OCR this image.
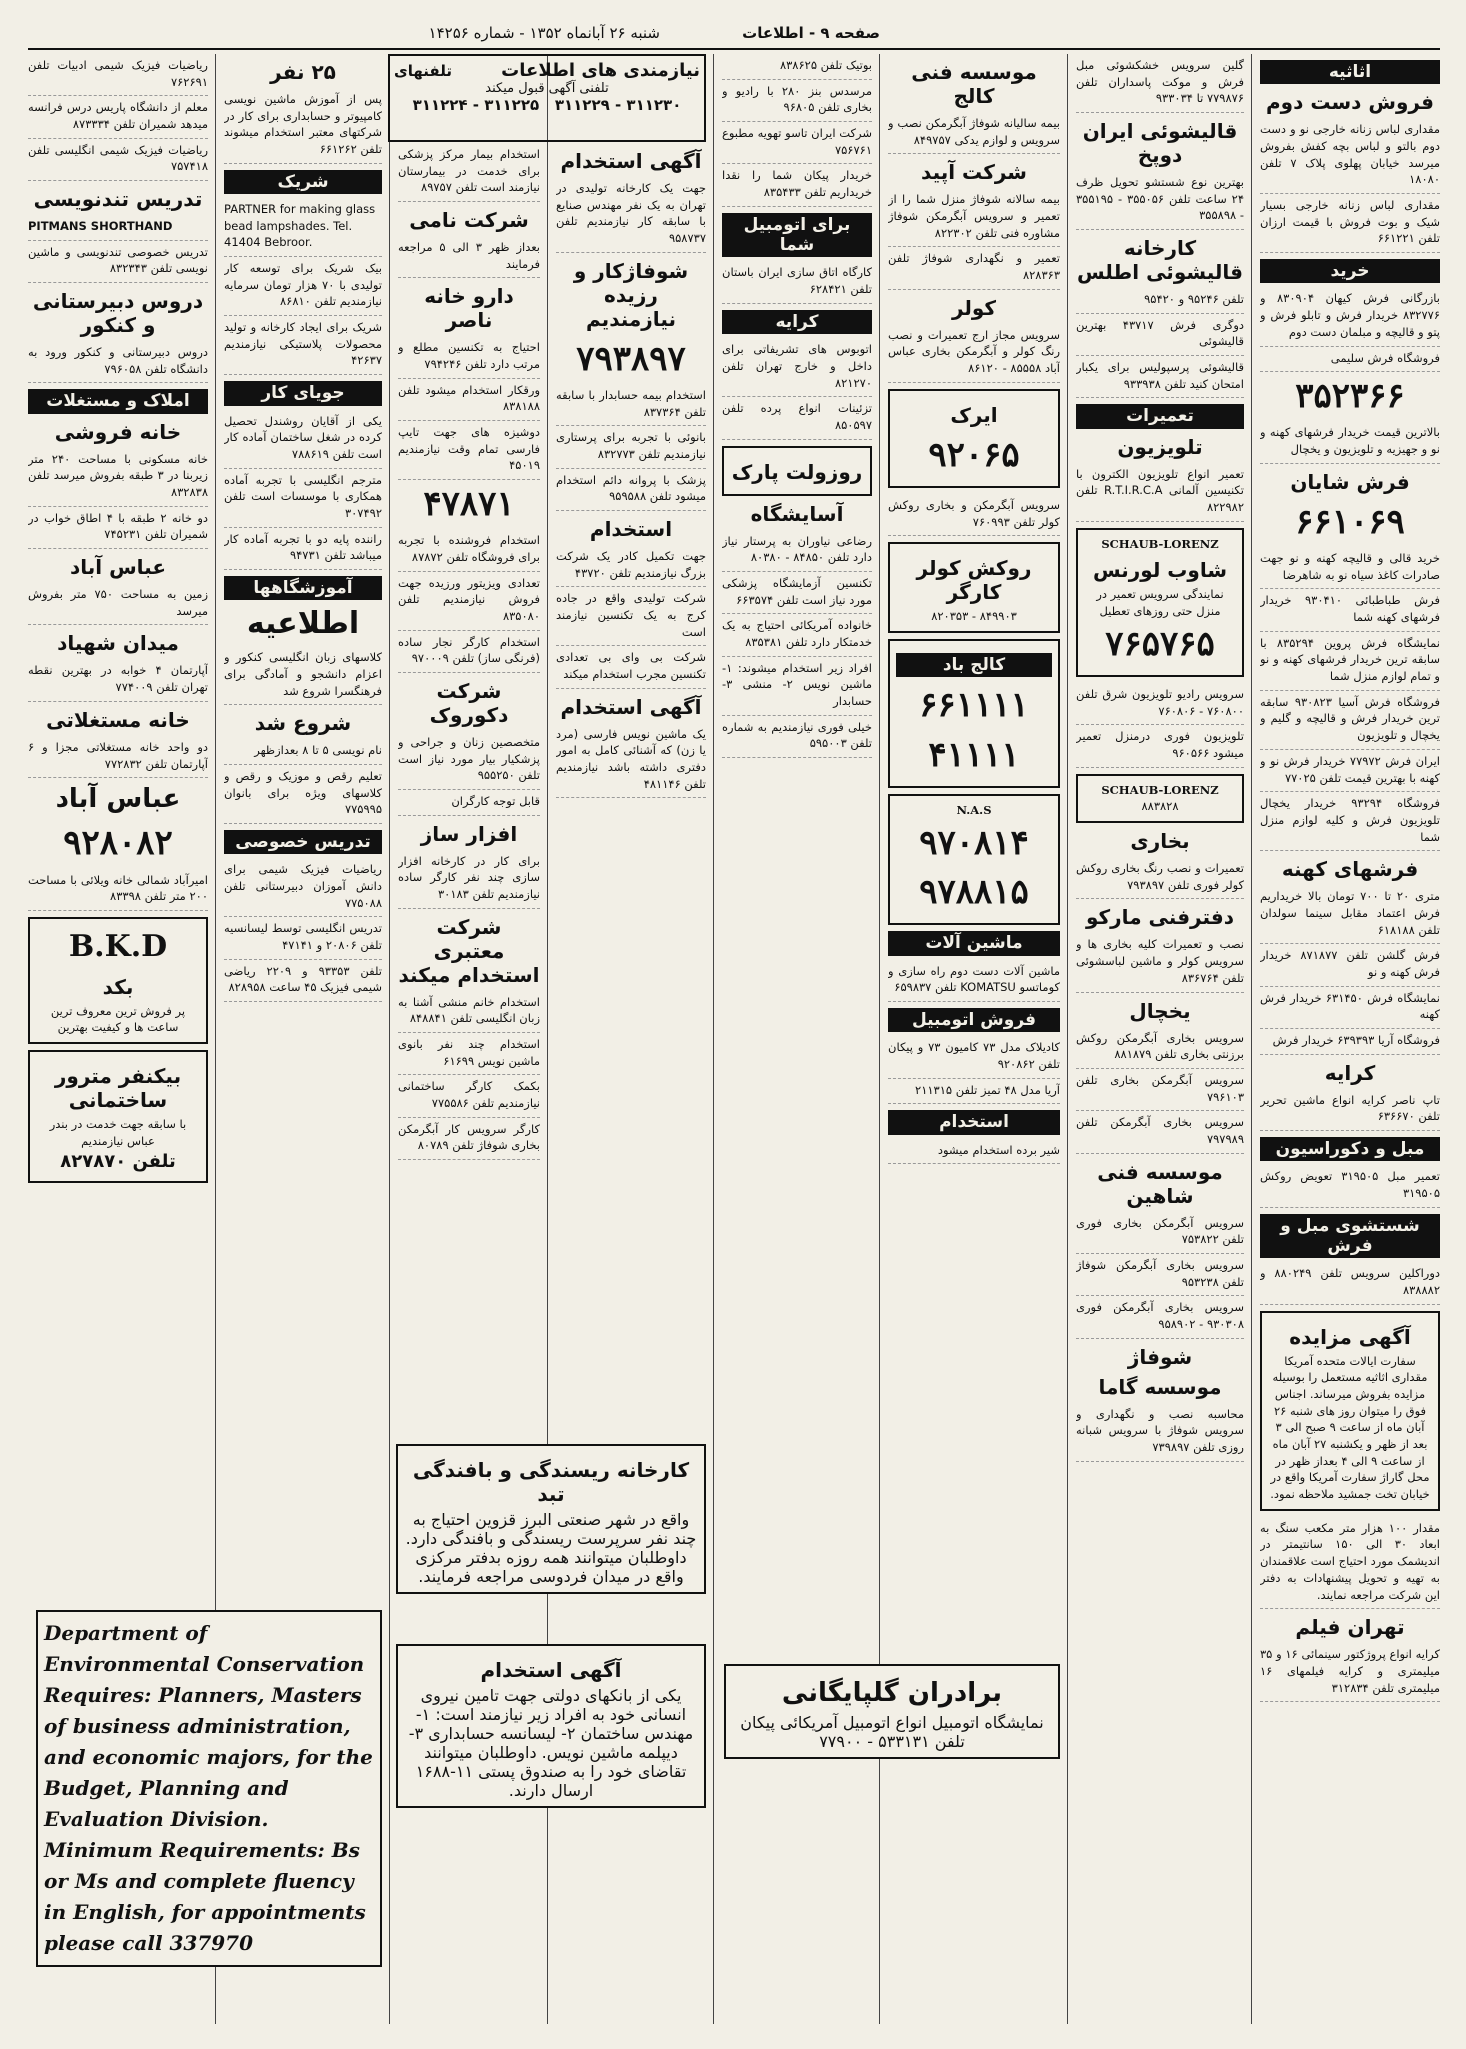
صفحه ۹ - اطلاعات
شنبه ۲۶ آبانماه ۱۳۵۲ - شماره ۱۴۲۵۶
اثاثیه
فروش دست دوم
مقداری لباس زنانه خارجی نو و دست دوم بالتو و لباس بچه کفش بفروش میرسد خیابان پهلوی پلاک ۷ تلفن ۱۸۰۸۰
مقداری لباس زنانه خارجی بسیار شیک و بوت فروش با قیمت ارزان تلفن ۶۶۱۲۲۱
خرید
بازرگانی فرش کیهان ۸۳۰۹۰۴ و ۸۳۲۷۷۶ خریدار فرش و تابلو فرش و پتو و قالیچه و مبلمان دست دوم
فروشگاه فرش سلیمی
۳۵۲۳۶۶
بالاترین قیمت خریدار فرشهای کهنه و نو و جهیزیه و تلویزیون و یخچال
فرش شایان
۶۶۱۰۶۹
خرید قالی و قالیچه کهنه و نو جهت صادرات کاغذ سیاه نو به شاهرضا
فرش طباطبائی ۹۳۰۴۱۰ خریدار فرشهای کهنه شما
نمایشگاه فرش پروین ۸۳۵۲۹۴ با سابقه ترین خریدار فرشهای کهنه و نو و تمام لوازم منزل شما
فروشگاه فرش آسیا ۹۳۰۸۲۳ سابقه ترین خریدار فرش و قالیچه و گلیم و یخچال و تلویزیون
ایران فرش ۷۷۹۷۲ خریدار فرش نو و کهنه با بهترین قیمت تلفن ۷۷۰۲۵
فروشگاه ۹۳۲۹۴ خریدار یخچال تلویزیون فرش و کلیه لوازم منزل شما
فرشهای کهنه
متری ۲۰ تا ۷۰۰ تومان بالا خریداریم فرش اعتماد مقابل سینما سولدان تلفن ۶۱۸۱۸۸
فرش گلشن تلفن ۸۷۱۸۷۷ خریدار فرش کهنه و نو
نمایشگاه فرش ۶۳۱۴۵۰ خریدار فرش کهنه
فروشگاه آریا ۶۳۹۳۹۳ خریدار فرش
کرایه
تاپ ناصر کرایه انواع ماشین تحریر تلفن ۶۳۶۶۷۰
مبل و دکوراسیون
تعمیر مبل ۳۱۹۵۰۵ تعویض روکش ۳۱۹۵۰۵
شستشوی مبل و فرش
دوراکلین سرویس تلفن ۸۸۰۲۴۹ و ۸۳۸۸۸۲
آگهی مزایده
سفارت ایالات متحده آمریکا مقداری اثاثیه مستعمل را بوسیله مزایده بفروش میرساند. اجناس فوق را میتوان روز های شنبه ۲۶ آبان ماه از ساعت ۹ صبح الی ۳ بعد از ظهر و یکشنبه ۲۷ آبان ماه از ساعت ۹ الی ۴ بعداز ظهر در محل گاراژ سفارت آمریکا واقع در خیابان تخت جمشید ملاحظه نمود.
مقدار ۱۰۰ هزار متر مکعب سنگ به ابعاد ۳۰ الی ۱۵۰ سانتیمتر در اندیشمک مورد احتیاج است علاقمندان به تهیه و تحویل پیشنهادات به دفتر این شرکت مراجعه نمایند.
تهران فیلم
کرایه انواع پروژکتور سینمائی ۱۶ و ۳۵ میلیمتری و کرایه فیلمهای ۱۶ میلیمتری تلفن ۳۱۲۸۳۴
گلین سرویس خشکشوئی مبل فرش و موکت پاسداران تلفن ۷۷۹۸۷۶ تا ۹۳۳۰۳۴
قالیشوئی ایران دوپخ
بهترین نوع شستشو تحویل ظرف ۲۴ ساعت تلفن ۳۵۵۰۵۶ - ۳۵۵۱۹۵ - ۳۵۵۸۹۸
کارخانه قالیشوئی اطلس
تلفن ۹۵۲۴۶ و ۹۵۴۲۰
دوگری فرش ۴۳۷۱۷ بهترین قالیشوئی
قالیشوئی پرسپولیس برای یکبار امتحان کنید تلفن ۹۳۳۹۳۸
تعمیرات
تلویزیون
تعمیر انواع تلویزیون الکترون با تکنیسین آلمانی R.T.I.R.C.A تلفن ۸۲۲۹۸۲
SCHAUB-LORENZ
شاوب لورنس
نمایندگی سرویس تعمیر در منزل حتی روزهای تعطیل
۷۶۵۷۶۵
سرویس رادیو تلویزیون شرق تلفن ۷۶۰۸۰۰ - ۷۶۰۸۰۶
تلویزیون فوری درمنزل تعمیر میشود ۹۶۰۵۶۶
SCHAUB-LORENZ
۸۸۳۸۲۸
بخاری
تعمیرات و نصب رنگ بخاری روکش کولر فوری تلفن ۷۹۳۸۹۷
دفترفنی مارکو
نصب و تعمیرات کلیه بخاری ها و سرویس کولر و ماشین لباسشوئی تلفن ۸۳۶۷۶۴
یخچال
سرویس بخاری آبگرمکن روکش برزنتی بخاری تلفن ۸۸۱۸۷۹
سرویس آبگرمکن بخاری تلفن ۷۹۶۱۰۳
سرویس بخاری آبگرمکن تلفن ۷۹۷۹۸۹
موسسه فنی شاهین
سرویس آبگرمکن بخاری فوری تلفن ۷۵۳۸۲۲
سرویس بخاری آبگرمکن شوفاژ تلفن ۹۵۳۲۳۸
سرویس بخاری آبگرمکن فوری ۹۳۰۳۰۸ - ۹۵۸۹۰۲
شوفاژ
موسسه گاما
محاسبه نصب و نگهداری و سرویس شوفاژ با سرویس شبانه روزی تلفن ۷۳۹۸۹۷
موسسه فنی کالج
بیمه سالیانه شوفاژ آبگرمکن نصب و سرویس و لوازم یدکی ۸۴۹۷۵۷
شرکت آپید
بیمه سالانه شوفاژ منزل شما را از تعمیر و سرویس آبگرمکن شوفاژ مشاوره فنی تلفن ۸۲۲۳۰۲
تعمیر و نگهداری شوفاژ تلفن ۸۲۸۳۶۳
کولر
سرویس مجاز ارج تعمیرات و نصب رنگ کولر و آبگرمکن بخاری عباس آباد ۸۵۵۵۸ - ۸۶۱۲۰
ایرک
۹۲۰۶۵
سرویس آبگرمکن و بخاری روکش کولر تلفن ۷۶۰۹۹۳
روکش کولر کارگر
۸۴۹۹۰۳ - ۸۲۰۳۵۳
کالج باد
۶۶۱۱۱۱
۴۱۱۱۱
N.A.S
۹۷۰۸۱۴
۹۷۸۸۱۵
ماشین آلات
ماشین آلات دست دوم راه سازی و کوماتسو KOMATSU تلفن ۶۵۹۸۳۷
فروش اتومبیل
کادیلاک مدل ۷۳ کامیون ۷۳ و پیکان تلفن ۹۲۰۸۶۲
آریا مدل ۴۸ تمیز تلفن ۲۱۱۳۱۵
استخدام
شیر برده استخدام میشود
بوتیک تلفن ۸۳۸۶۲۵
مرسدس بنز ۲۸۰ با رادیو و بخاری تلفن ۹۶۸۰۵
شرکت ایران تاسو تهویه مطبوع ۷۵۶۷۶۱
خریدار پیکان شما را نقدا خریداریم تلفن ۸۳۵۴۳۳
برای اتومبیل شما
کارگاه اتاق سازی ایران باستان تلفن ۶۲۸۴۲۱
کرایه
اتوبوس های تشریفاتی برای داخل و خارج تهران تلفن ۸۲۱۲۷۰
تزئینات انواع پرده تلفن ۸۵۰۵۹۷
روزولت پارک
آسایشگاه
رضاعی نیاوران به پرستار نیاز دارد تلفن ۸۴۸۵۰ - ۸۰۳۸۰
تکنسین آزمایشگاه پزشکی مورد نیاز است تلفن ۶۶۳۵۷۴
خانواده آمریکائی احتیاج به یک خدمتکار دارد تلفن ۸۳۵۳۸۱
افراد زیر استخدام میشوند: ۱- ماشین نویس ۲- منشی ۳- حسابدار
خیلی فوری نیازمندیم به شماره تلفن ۵۹۵۰۰۳
آگهی استخدام
جهت یک کارخانه تولیدی در تهران به یک نفر مهندس صنایع با سابقه کار نیازمندیم تلفن ۹۵۸۷۳۷
شوفاژکار و رزیده نیازمندیم
۷۹۳۸۹۷
استخدام بیمه حسابدار با سابقه تلفن ۸۳۷۳۶۴
بانوئی با تجربه برای پرستاری نیازمندیم تلفن ۸۳۲۷۷۳
پزشک با پروانه دائم استخدام میشود تلفن ۹۵۹۵۸۸
استخدام
جهت تکمیل کادر یک شرکت بزرگ نیازمندیم تلفن ۴۳۷۲۰
شرکت تولیدی واقع در جاده کرج به یک تکنسین نیازمند است
شرکت بی وای بی تعدادی تکنسین مجرب استخدام میکند
آگهی استخدام
یک ماشین نویس فارسی (مرد یا زن) که آشنائی کامل به امور دفتری داشته باشد نیازمندیم تلفن ۴۸۱۱۴۶
استخدام بیمار مرکز پزشکی برای خدمت در بیمارستان نیازمند است تلفن ۸۹۷۵۷
شرکت نامی
بعداز ظهر ۳ الی ۵ مراجعه فرمایند
دارو خانه ناصر
احتیاج به تکنسین مطلع و مرتب دارد تلفن ۷۹۴۲۴۶
ورقکار استخدام میشود تلفن ۸۳۸۱۸۸
دوشیزه های جهت تایپ فارسی تمام وقت نیازمندیم ۴۵۰۱۹
۴۷۸۷۱
استخدام فروشنده با تجربه برای فروشگاه تلفن ۸۷۸۷۲
تعدادی ویزیتور ورزیده جهت فروش نیازمندیم تلفن ۸۳۵۰۸۰
استخدام کارگر نجار ساده (فرنگی ساز) تلفن ۹۷۰۰۰۹
شرکت دکوروک
متخصصین زنان و جراحی و پزشکیار بیار مورد نیاز است تلفن ۹۵۵۲۵۰
قابل توجه کارگران
افزار ساز
برای کار در کارخانه افزار سازی چند نفر کارگر ساده نیازمندیم تلفن ۳۰۱۸۳
شرکت معتبری استخدام میکند
استخدام خانم منشی آشنا به زبان انگلیسی تلفن ۸۴۸۸۴۱
استخدام چند نفر بانوی ماشین نویس ۶۱۶۹۹
بکمک کارگر ساختمانی نیازمندیم تلفن ۷۷۵۵۸۶
کارگر سرویس کار آبگرمکن بخاری شوفاژ تلفن ۸۰۷۸۹
نیازمندی های اطلاعات
تلفنهای
تلفنی آگهی قبول میکند
۳۱۱۲۲۴ - ۳۱۱۲۲۵ ۳۱۱۲۲۹ - ۳۱۱۲۳۰
کارخانه ریسندگی و بافندگی تبد
واقع در شهر صنعتی البرز قزوین احتیاج به چند نفر سرپرست ریسندگی و بافندگی دارد. داوطلبان میتوانند همه روزه بدفتر مرکزی واقع در میدان فردوسی مراجعه فرمایند.
آگهی استخدام
یکی از بانکهای دولتی جهت تامین نیروی انسانی خود به افراد زیر نیازمند است: ۱- مهندس ساختمان ۲- لیسانسه حسابداری ۳- دیپلمه ماشین نویس. داوطلبان میتوانند تقاضای خود را به صندوق پستی ۱۱-۱۶۸۸ ارسال دارند.
۲۵ نفر
پس از آموزش ماشین نویسی کامپیوتر و حسابداری برای کار در شرکتهای معتبر استخدام میشوند تلفن ۶۶۱۲۶۲
شریک
PARTNER for making glass bead lampshades. Tel. 41404 Bebroor.
بیک شریک برای توسعه کار تولیدی با ۷۰ هزار تومان سرمایه نیازمندیم تلفن ۸۶۸۱۰
شریک برای ایجاد کارخانه و تولید محصولات پلاستیکی نیازمندیم ۴۲۶۳۷
جویای کار
یکی از آقایان روشندل تحصیل کرده در شغل ساختمان آماده کار است تلفن ۷۸۸۶۱۹
مترجم انگلیسی با تجربه آماده همکاری با موسسات است تلفن ۳۰۷۴۹۲
راننده پایه دو با تجربه آماده کار میباشد تلفن ۹۴۷۳۱
آموزشگاهها
اطلاعیه
کلاسهای زبان انگلیسی کنکور و اعزام دانشجو و آمادگی برای فرهنگسرا شروع شد
شروع شد
نام نویسی ۵ تا ۸ بعدازظهر
تعلیم رقص و موزیک و رقص و کلاسهای ویژه برای بانوان ۷۷۵۹۹۵
تدریس خصوصی
ریاضیات فیزیک شیمی برای دانش آموزان دبیرستانی تلفن ۷۷۵۰۸۸
تدریس انگلیسی توسط لیسانسیه تلفن ۲۰۸۰۶ و ۴۷۱۴۱
تلفن ۹۳۳۵۳ و ۲۲۰۹ ریاضی شیمی فیزیک ۴۵ ساعت ۸۲۸۹۵۸
Department of Environmental Conservation Requires: Planners, Masters of business administration, and economic majors, for the Budget, Planning and Evaluation Division. Minimum Requirements: Bs or Ms and complete fluency in English, for appointments please call 337970
ریاضیات فیزیک شیمی ادبیات تلفن ۷۶۲۶۹۱
معلم از دانشگاه پاریس درس فرانسه میدهد شمیران تلفن ۸۷۳۳۳۴
ریاضیات فیزیک شیمی انگلیسی تلفن ۷۵۷۴۱۸
تدریس تندنویسی
PITMANS SHORTHAND
تدریس خصوصی تندنویسی و ماشین نویسی تلفن ۸۳۲۳۴۳
دروس دبیرستانی و کنکور
دروس دبیرستانی و کنکور ورود به دانشگاه تلفن ۷۹۶۰۵۸
املاک و مستغلات
خانه فروشی
خانه مسکونی با مساحت ۲۴۰ متر زیربنا در ۳ طبقه بفروش میرسد تلفن ۸۳۲۸۳۸
دو خانه ۲ طبقه با ۴ اطاق خواب در شمیران تلفن ۷۴۵۲۳۱
عباس آباد
زمین به مساحت ۷۵۰ متر بفروش میرسد
میدان شهیاد
آپارتمان ۴ خوابه در بهترین نقطه تهران تلفن ۷۷۴۰۰۹
خانه مستغلاتی
دو واحد خانه مستغلاتی مجزا و ۶ آپارتمان تلفن ۷۷۲۸۳۲
عباس آباد
۹۲۸۰۸۲
امیرآباد شمالی خانه ویلائی با مساحت ۲۰۰ متر تلفن ۸۳۳۹۸
B.K.D
بکد
پر فروش ترین معروف ترین ساعت ها و کیفیت بهترین
بیکنفر مترور ساختمانی
با سابقه جهت خدمت در بندر عباس نیازمندیم
تلفن ۸۲۷۸۷۰
برادران گلپایگانی
نمایشگاه اتومبیل انواع اتومبیل آمریکائی پیکان تلفن ۵۳۳۱۳۱ - ۷۷۹۰۰
